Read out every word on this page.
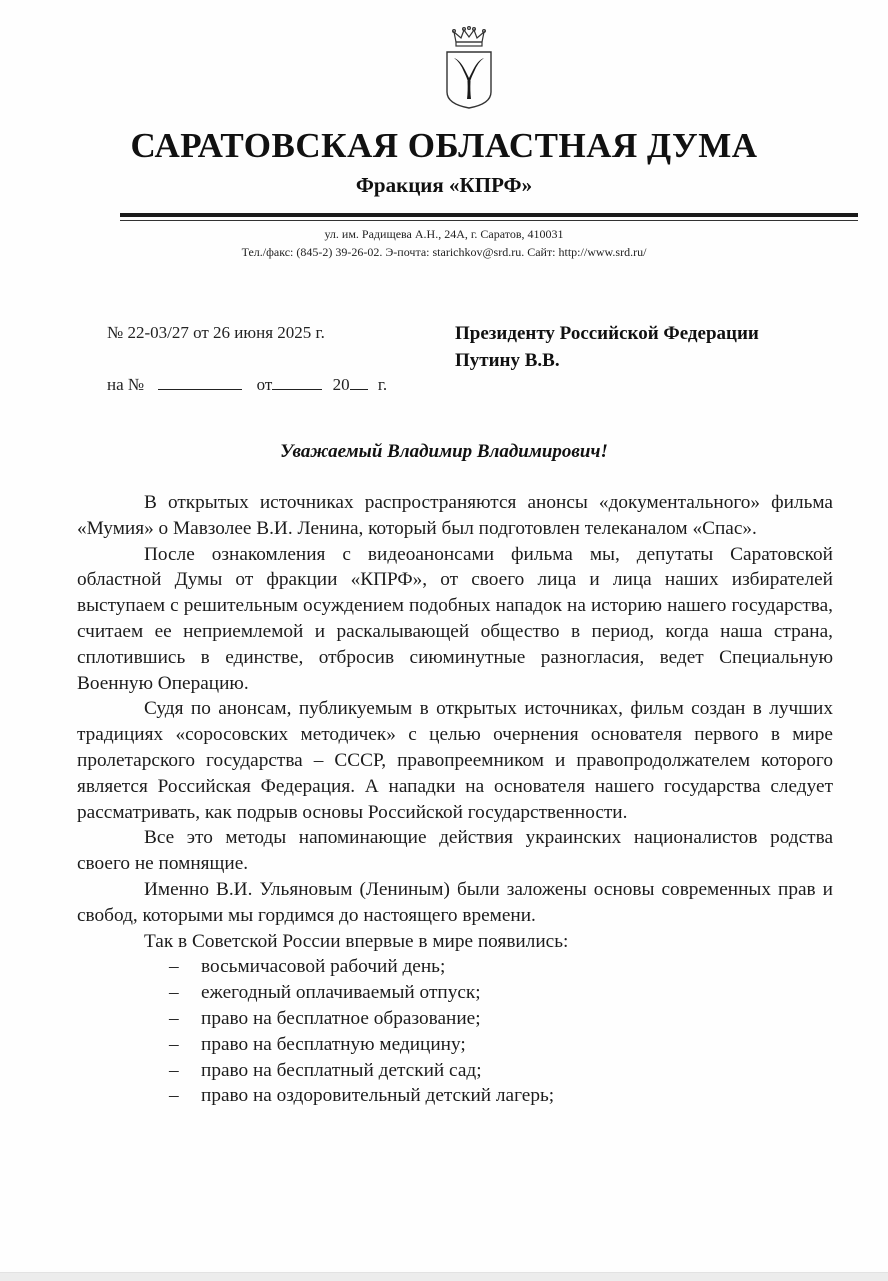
САРАТОВСКАЯ ОБЛАСТНАЯ ДУМА
Фракция «КПРФ»
ул. им. Радищева А.Н., 24А, г. Саратов, 410031
Тел./факс: (845-2) 39-26-02. Э-почта: starichkov@srd.ru. Сайт: http://www.srd.ru/
№ 22-03/27 от 26 июня 2025 г.
на №	от	20 г.
Президенту Российской Федерации
Путину В.В.
Уважаемый Владимир Владимирович!

В открытых источниках распространяются анонсы «документального» фильма «Мумия» о Мавзолее В.И. Ленина, который был подготовлен телеканалом «Спас».

После ознакомления с видеоанонсами фильма мы, депутаты Саратовской областной Думы от фракции «КПРФ», от своего лица и лица наших избирателей выступаем с решительным осуждением подобных нападок на историю нашего государства, считаем ее неприемлемой и раскалывающей общество в период, когда наша страна, сплотившись в единстве, отбросив сиюминутные разногласия, ведет Специальную Военную Операцию.

Судя по анонсам, публикуемым в открытых источниках, фильм создан в лучших традициях «соросовских методичек» с целью очернения основателя первого в мире пролетарского государства – СССР, правопреемником и правопродолжателем которого является Российская Федерация. А нападки на основателя нашего государства следует рассматривать, как подрыв основы Российской государственности.

Все это методы напоминающие действия украинских националистов родства своего не помнящие.

Именно В.И. Ульяновым (Лениным) были заложены основы современных прав и свобод, которыми мы гордимся до настоящего времени.

Так в Советской России впервые в мире появились:

– восьмичасовой рабочий день;
– ежегодный оплачиваемый отпуск;
– право на бесплатное образование;
– право на бесплатную медицину;
– право на бесплатный детский сад;
– право на оздоровительный детский лагерь;
